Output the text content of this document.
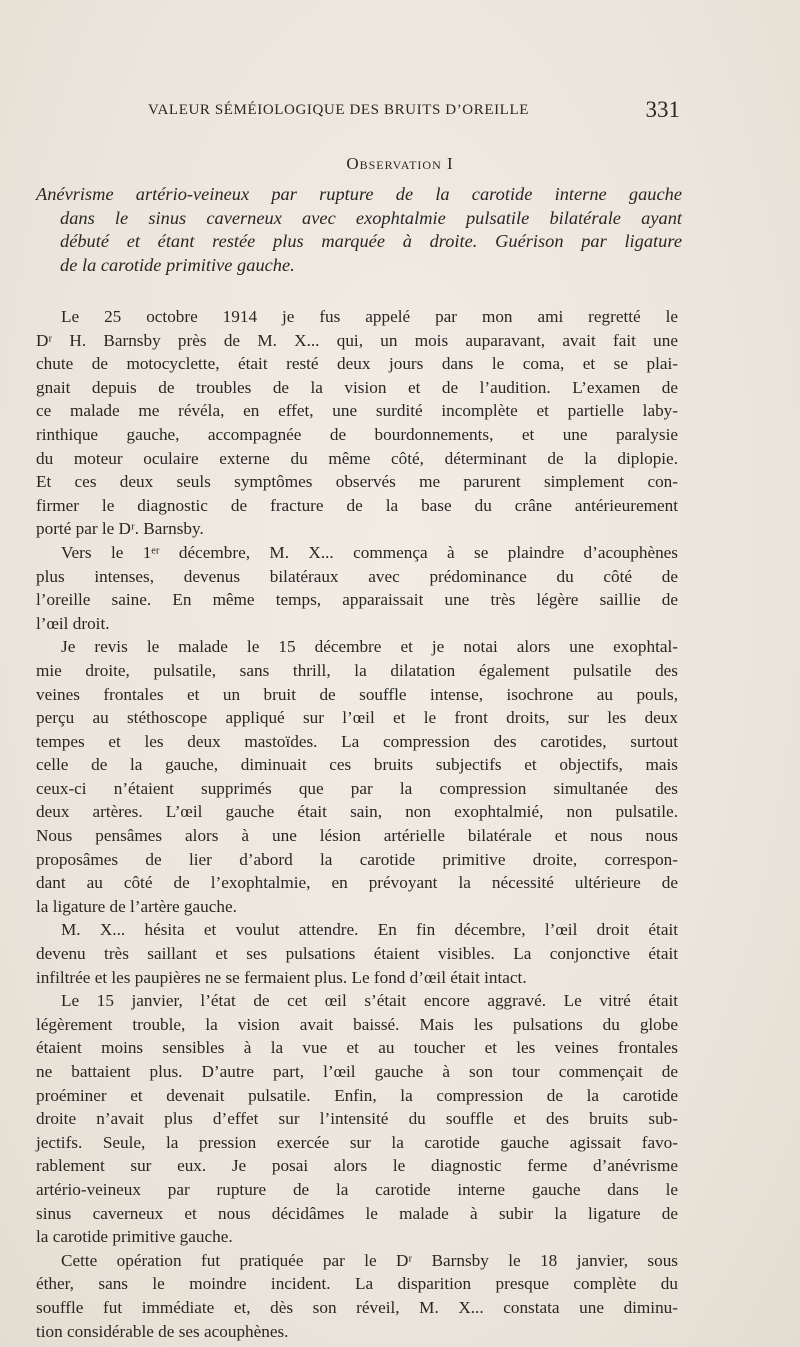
VALEUR SÉMÉIOLOGIQUE DES BRUITS D’OREILLE	331
Observation I
Anévrisme artério-veineux par rupture de la carotide interne gauche
dans le sinus caverneux avec exophtalmie pulsatile bilatérale ayant
débuté et étant restée plus marquée à droite. Guérison par ligature
de la carotide primitive gauche.
Le 25 octobre 1914 je fus appelé par mon ami regretté le
Dʳ H. Barnsby près de M. X... qui, un mois auparavant, avait fait une
chute de motocyclette, était resté deux jours dans le coma, et se plai-
gnait depuis de troubles de la vision et de l’audition. L’examen de
ce malade me révéla, en effet, une surdité incomplète et partielle laby-
rinthique gauche, accompagnée de bourdonnements, et une paralysie
du moteur oculaire externe du même côté, déterminant de la diplopie.
Et ces deux seuls symptômes observés me parurent simplement con-
firmer le diagnostic de fracture de la base du crâne antérieurement
porté par le Dʳ. Barnsby.
Vers le 1ᵉʳ décembre, M. X... commença à se plaindre d’acouphènes
plus intenses, devenus bilatéraux avec prédominance du côté de
l’oreille saine. En même temps, apparaissait une très légère saillie de
l’œil droit.
Je revis le malade le 15 décembre et je notai alors une exophtal-
mie droite, pulsatile, sans thrill, la dilatation également pulsatile des
veines frontales et un bruit de souffle intense, isochrone au pouls,
perçu au stéthoscope appliqué sur l’œil et le front droits, sur les deux
tempes et les deux mastoïdes. La compression des carotides, surtout
celle de la gauche, diminuait ces bruits subjectifs et objectifs, mais
ceux-ci n’étaient supprimés que par la compression simultanée des
deux artères. L’œil gauche était sain, non exophtalmié, non pulsatile.
Nous pensâmes alors à une lésion artérielle bilatérale et nous nous
proposâmes de lier d’abord la carotide primitive droite, correspon-
dant au côté de l’exophtalmie, en prévoyant la nécessité ultérieure de
la ligature de l’artère gauche.
M. X... hésita et voulut attendre. En fin décembre, l’œil droit était
devenu très saillant et ses pulsations étaient visibles. La conjonctive était
infiltrée et les paupières ne se fermaient plus. Le fond d’œil était intact.
Le 15 janvier, l’état de cet œil s’était encore aggravé. Le vitré était
légèrement trouble, la vision avait baissé. Mais les pulsations du globe
étaient moins sensibles à la vue et au toucher et les veines frontales
ne battaient plus. D’autre part, l’œil gauche à son tour commençait de
proéminer et devenait pulsatile. Enfin, la compression de la carotide
droite n’avait plus d’effet sur l’intensité du souffle et des bruits sub-
jectifs. Seule, la pression exercée sur la carotide gauche agissait favo-
rablement sur eux. Je posai alors le diagnostic ferme d’anévrisme
artério-veineux par rupture de la carotide interne gauche dans le
sinus caverneux et nous décidâmes le malade à subir la ligature de
la carotide primitive gauche.
Cette opération fut pratiquée par le Dʳ Barnsby le 18 janvier, sous
éther, sans le moindre incident. La disparition presque complète du
souffle fut immédiate et, dès son réveil, M. X... constata une diminu-
tion considérable de ses acouphènes.
